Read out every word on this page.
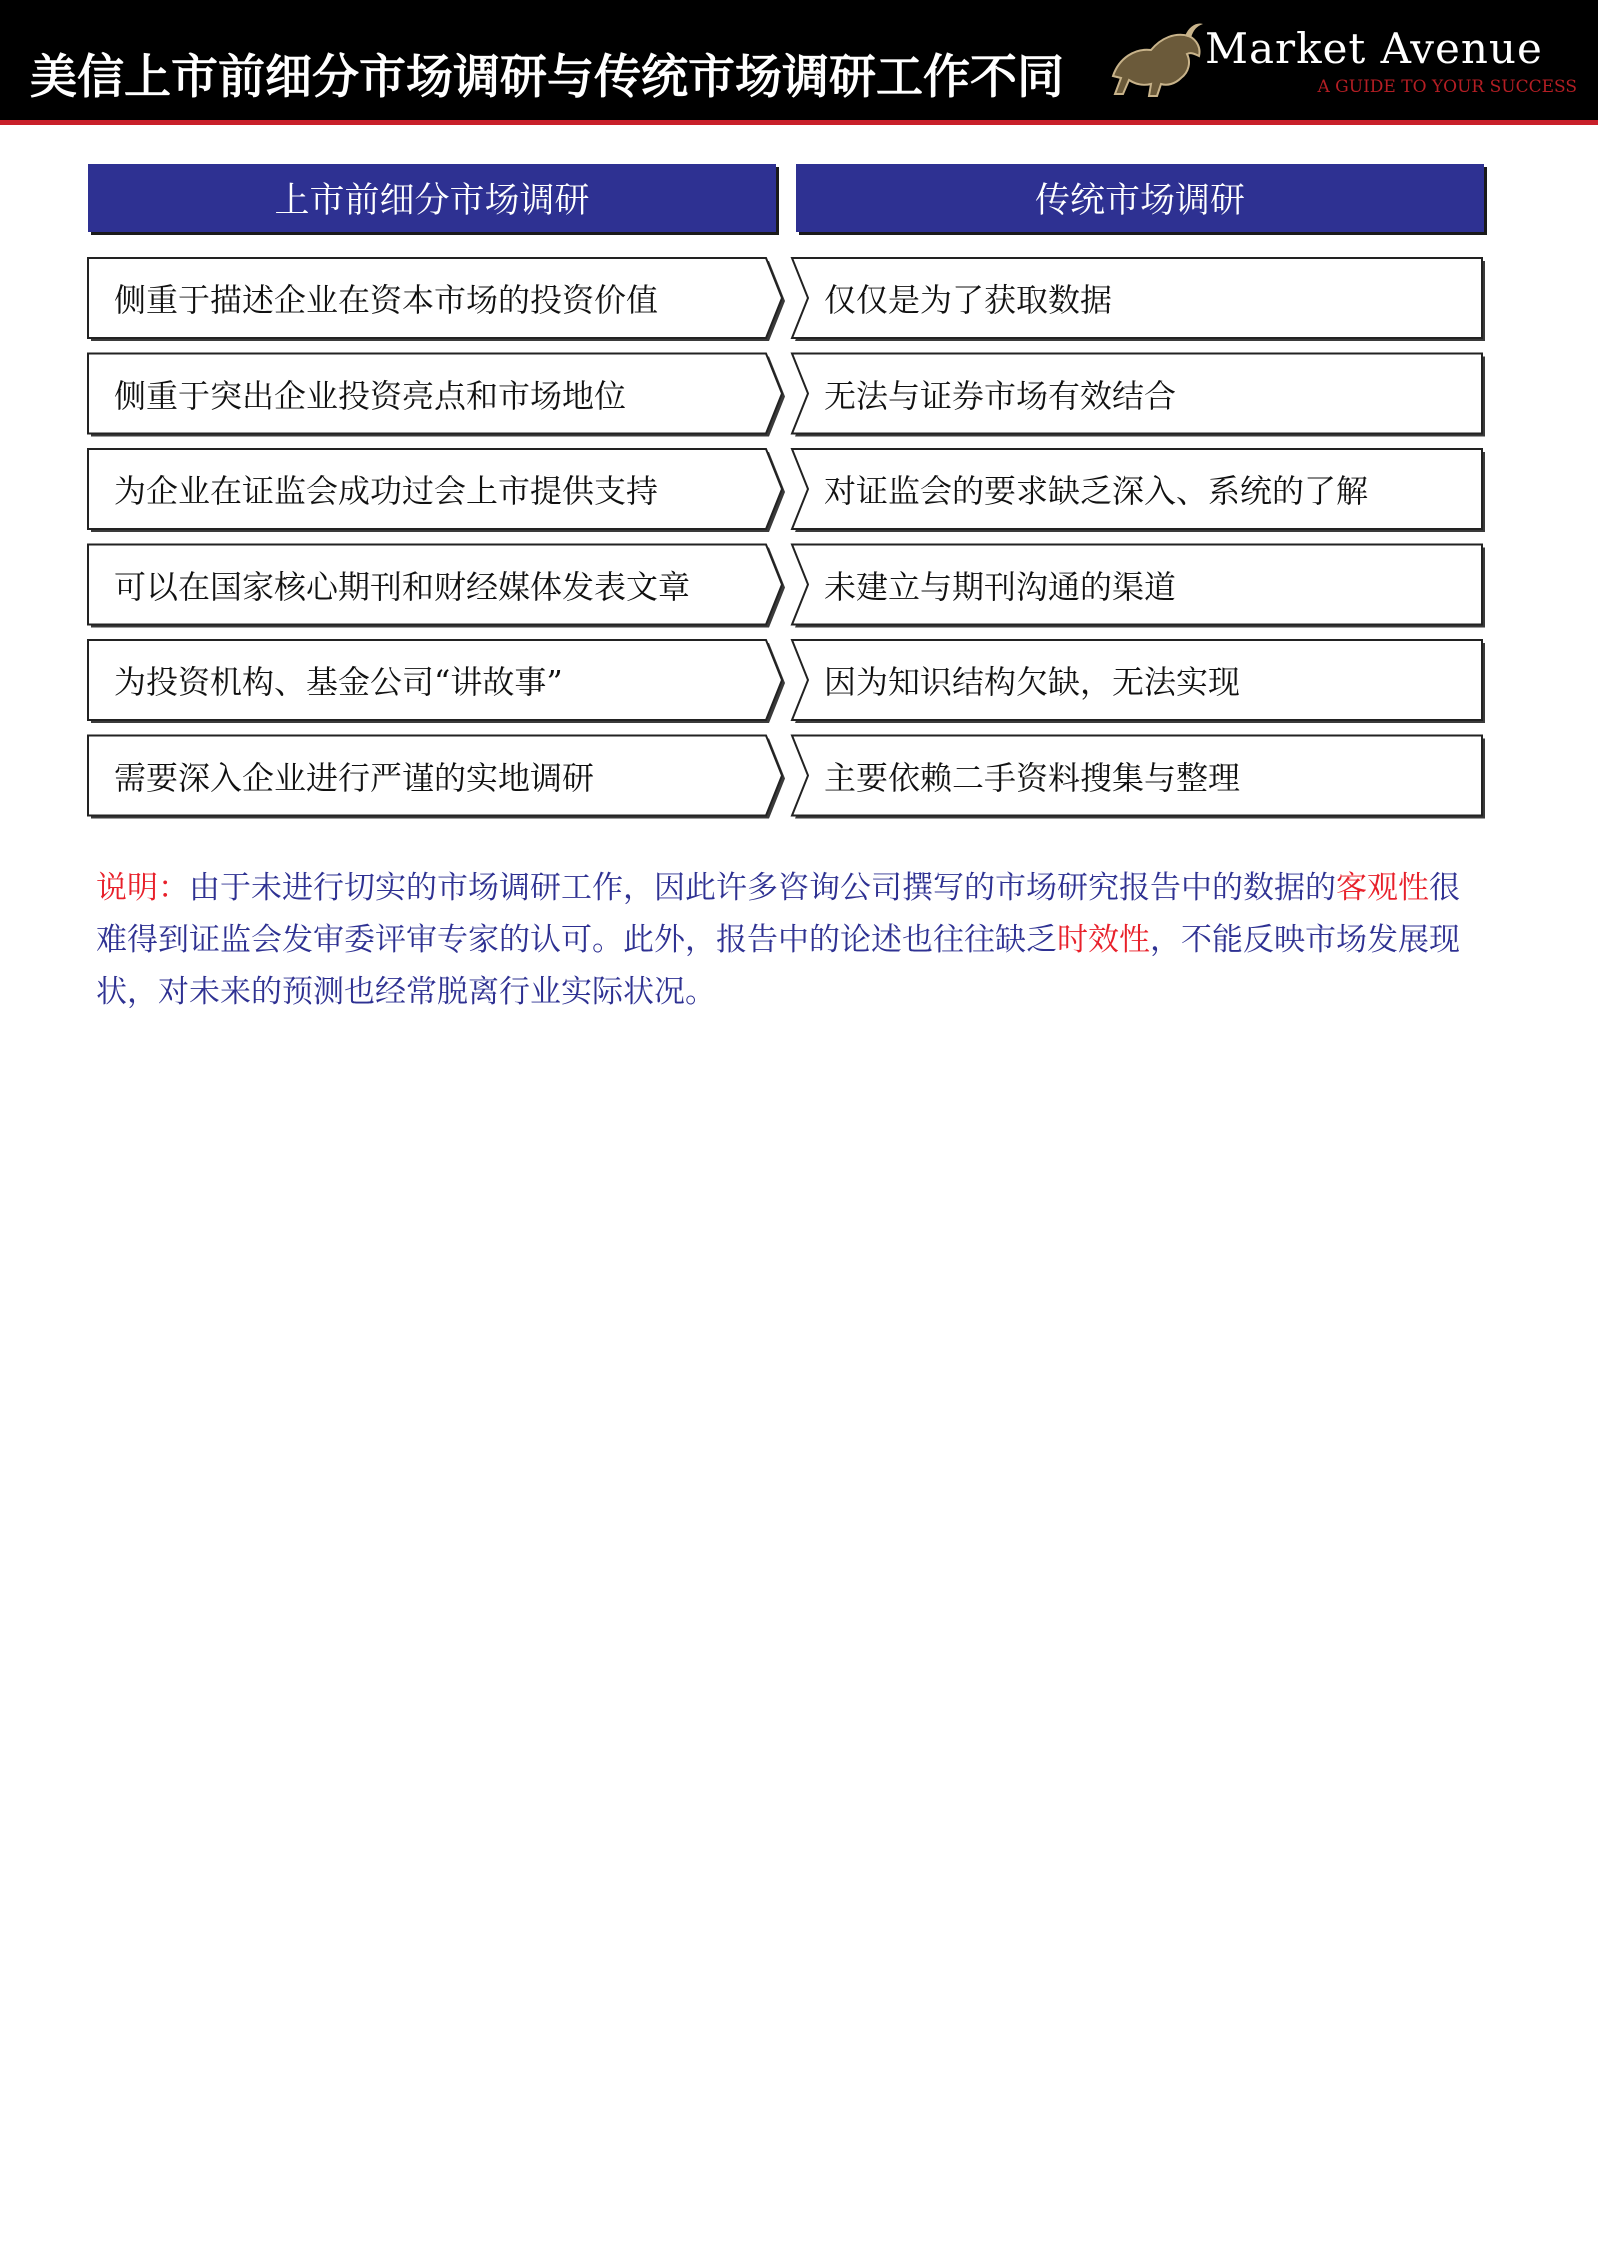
美信上市前细分市场调研与传统市场调研工作不同
Market Avenue
A GUIDE TO YOUR SUCCESS
上市前细分市场调研	传统市场调研
侧重于描述企业在资本市场的投资价值	仅仅是为了获取数据
侧重于突出企业投资亮点和市场地位	无法与证券市场有效结合
为企业在证监会成功过会上市提供支持	对证监会的要求缺乏深入、系统的了解
可以在国家核心期刊和财经媒体发表文章	未建立与期刊沟通的渠道
为投资机构、基金公司“讲故事”	因为知识结构欠缺，无法实现
需要深入企业进行严谨的实地调研	主要依赖二手资料搜集与整理
说明：由于未进行切实的市场调研工作，因此许多咨询公司撰写的市场研究报告中的数据的客观性很难得到证监会发审委评审专家的认可。此外，报告中的论述也往往缺乏时效性，不能反映市场发展现状，对未来的预测也经常脱离行业实际状况。
